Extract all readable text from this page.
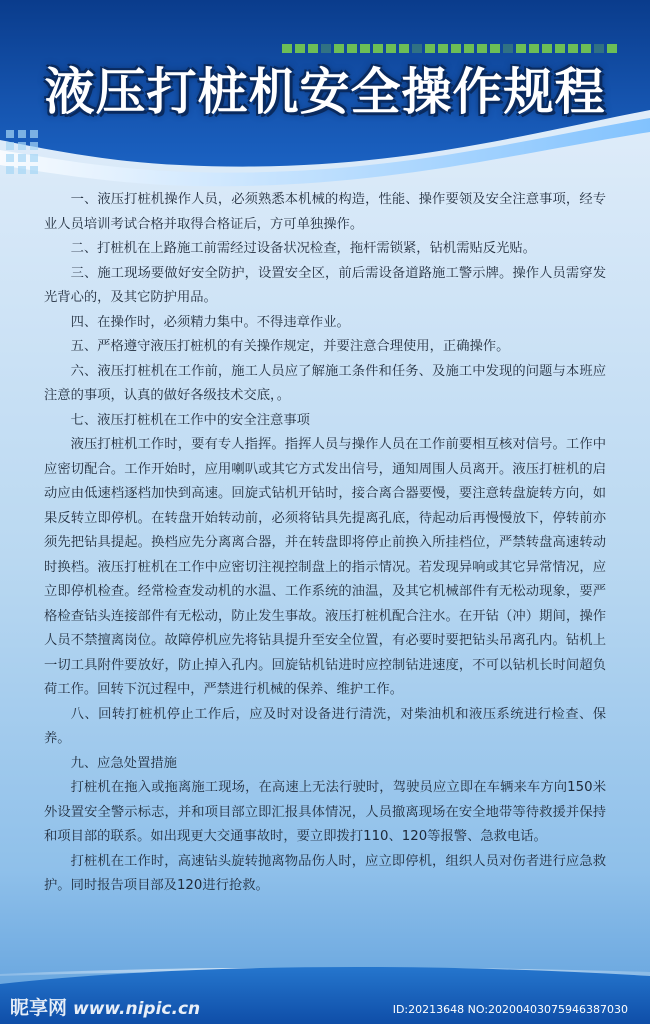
液压打桩机安全操作规程

一、液压打桩机操作人员，必须熟悉本机械的构造，性能、操作要领及安全注意事项，经专业人员培训考试合格并取得合格证后，方可单独操作。

二、打桩机在上路施工前需经过设备状况检查，拖杆需锁紧，钻机需贴反光贴。

三、施工现场要做好安全防护，设置安全区，前后需设备道路施工警示牌。操作人员需穿发光背心的，及其它防护用品。

四、在操作时，必须精力集中。不得违章作业。

五、严格遵守液压打桩机的有关操作规定，并要注意合理使用，正确操作。

六、液压打桩机在工作前，施工人员应了解施工条件和任务、及施工中发现的问题与本班应注意的事项，认真的做好各级技术交底，。

七、液压打桩机在工作中的安全注意事项

液压打桩机工作时，要有专人指挥。指挥人员与操作人员在工作前要相互核对信号。工作中应密切配合。工作开始时，应用喇叭或其它方式发出信号，通知周围人员离开。液压打桩机的启动应由低速档逐档加快到高速。回旋式钻机开钻时，接合离合器要慢，要注意转盘旋转方向，如果反转立即停机。在转盘开始转动前，必须将钻具先提离孔底，待起动后再慢慢放下，停转前亦须先把钻具提起。换档应先分离离合器，并在转盘即将停止前换入所挂档位，严禁转盘高速转动时换档。液压打桩机在工作中应密切注视控制盘上的指示情况。若发现异响或其它异常情况，应立即停机检查。经常检查发动机的水温、工作系统的油温，及其它机械部件有无松动现象，要严格检查钻头连接部件有无松动，防止发生事故。液压打桩机配合注水。在开钻（冲）期间，操作人员不禁擅离岗位。故障停机应先将钻具提升至安全位置，有必要时要把钻头吊离孔内。钻机上一切工具附件要放好，防止掉入孔内。回旋钻机钻进时应控制钻进速度，不可以钻机长时间超负荷工作。回转下沉过程中，严禁进行机械的保养、维护工作。

八、回转打桩机停止工作后，应及时对设备进行清洗，对柴油机和液压系统进行检查、保养。

九、应急处置措施

打桩机在拖入或拖离施工现场，在高速上无法行驶时，驾驶员应立即在车辆来车方向150米外设置安全警示标志，并和项目部立即汇报具体情况，人员撤离现场在安全地带等待救援并保持和项目部的联系。如出现更大交通事故时，要立即拨打110、120等报警、急救电话。

打桩机在工作时，高速钻头旋转抛离物品伤人时，应立即停机，组织人员对伤者进行应急救护。同时报告项目部及120进行抢救。

昵享网 www.nipic.cn	ID:20213648 NO:20200403075946387030
